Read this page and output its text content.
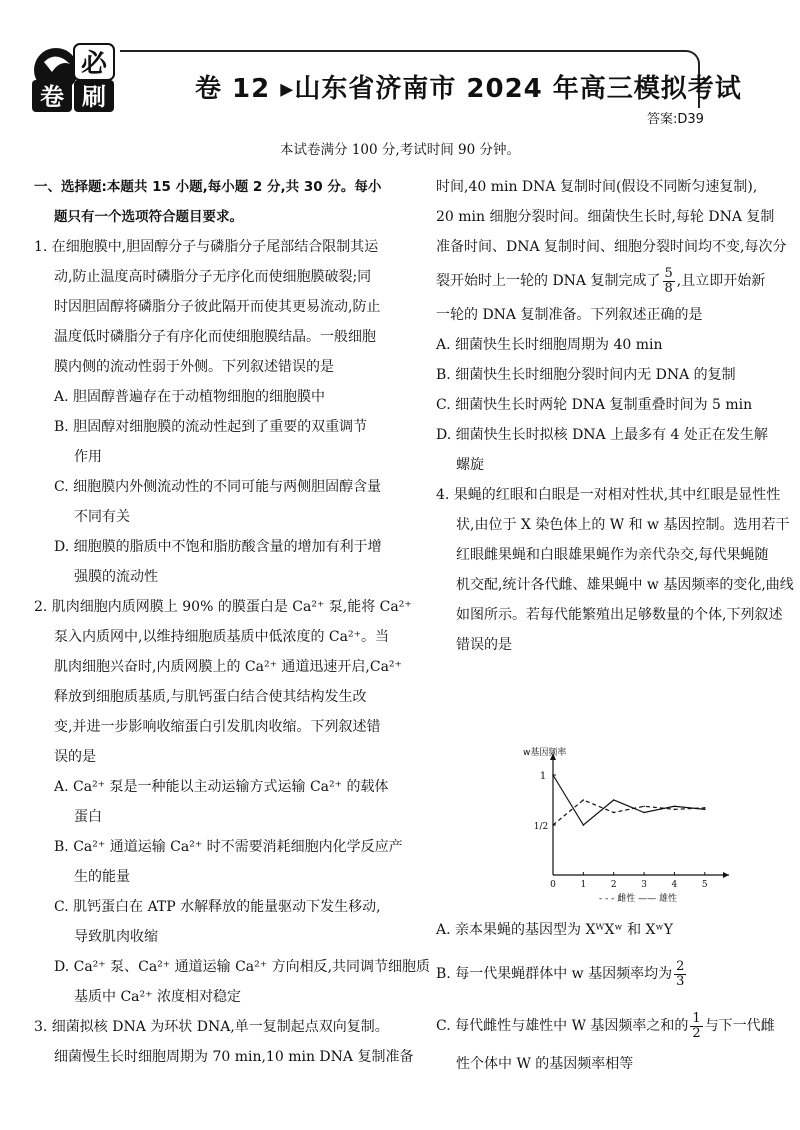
必
卷 刷	卷 12 ▸山东省济南市 2024 年高三模拟考试
答案:D39
本试卷满分 100 分,考试时间 90 分钟。

一、选择题:本题共 15 小题,每小题 2 分,共 30 分。每小

题只有一个选项符合题目要求。

1. 在细胞膜中,胆固醇分子与磷脂分子尾部结合限制其运

动,防止温度高时磷脂分子无序化而使细胞膜破裂;同

时因胆固醇将磷脂分子彼此隔开而使其更易流动,防止

温度低时磷脂分子有序化而使细胞膜结晶。一般细胞

膜内侧的流动性弱于外侧。下列叙述错误的是

A. 胆固醇普遍存在于动植物细胞的细胞膜中

B. 胆固醇对细胞膜的流动性起到了重要的双重调节

作用

C. 细胞膜内外侧流动性的不同可能与两侧胆固醇含量

不同有关

D. 细胞膜的脂质中不饱和脂肪酸含量的增加有利于增

强膜的流动性

2. 肌肉细胞内质网膜上 90% 的膜蛋白是 Ca²⁺ 泵,能将 Ca²⁺

泵入内质网中,以维持细胞质基质中低浓度的 Ca²⁺。当

肌肉细胞兴奋时,内质网膜上的 Ca²⁺ 通道迅速开启,Ca²⁺

释放到细胞质基质,与肌钙蛋白结合使其结构发生改

变,并进一步影响收缩蛋白引发肌肉收缩。下列叙述错

误的是

A. Ca²⁺ 泵是一种能以主动运输方式运输 Ca²⁺ 的载体

蛋白

B. Ca²⁺ 通道运输 Ca²⁺ 时不需要消耗细胞内化学反应产

生的能量

C. 肌钙蛋白在 ATP 水解释放的能量驱动下发生移动,

导致肌肉收缩

D. Ca²⁺ 泵、Ca²⁺ 通道运输 Ca²⁺ 方向相反,共同调节细胞质

基质中 Ca²⁺ 浓度相对稳定

3. 细菌拟核 DNA 为环状 DNA,单一复制起点双向复制。

细菌慢生长时细胞周期为 70 min,10 min DNA 复制准备

时间,40 min DNA 复制时间(假设不同断匀速复制),

20 min 细胞分裂时间。细菌快生长时,每轮 DNA 复制

准备时间、DNA 复制时间、细胞分裂时间均不变,每次分

裂开始时上一轮的 DNA 复制完成了 $\frac{5}{8}$ ,且立即开始新

一轮的 DNA 复制准备。下列叙述正确的是

A. 细菌快生长时细胞周期为 40 min

B. 细菌快生长时细胞分裂时间内无 DNA 的复制

C. 细菌快生长时两轮 DNA 复制重叠时间为 5 min

D. 细菌快生长时拟核 DNA 上最多有 4 处正在发生解

螺旋

4. 果蝇的红眼和白眼是一对相对性状,其中红眼是显性性

状,由位于 X 染色体上的 W 和 w 基因控制。选用若干

红眼雌果蝇和白眼雄果蝇作为亲代杂交,每代果蝇随

机交配,统计各代雌、雄果蝇中 w 基因频率的变化,曲线

如图所示。若每代能繁殖出足够数量的个体,下列叙述

错误的是

w基因频率
1
1/2
0	1	2	3	4	5
- - - 雌性 —— 雄性

A. 亲本果蝇的基因型为 XᵂXʷ 和 XʷY

B. 每一代果蝇群体中 w 基因频率均为 $\frac{2}{3}$

C. 每代雌性与雄性中 W 基因频率之和的 $\frac{1}{2}$ 与下一代雌

性个体中 W 的基因频率相等
